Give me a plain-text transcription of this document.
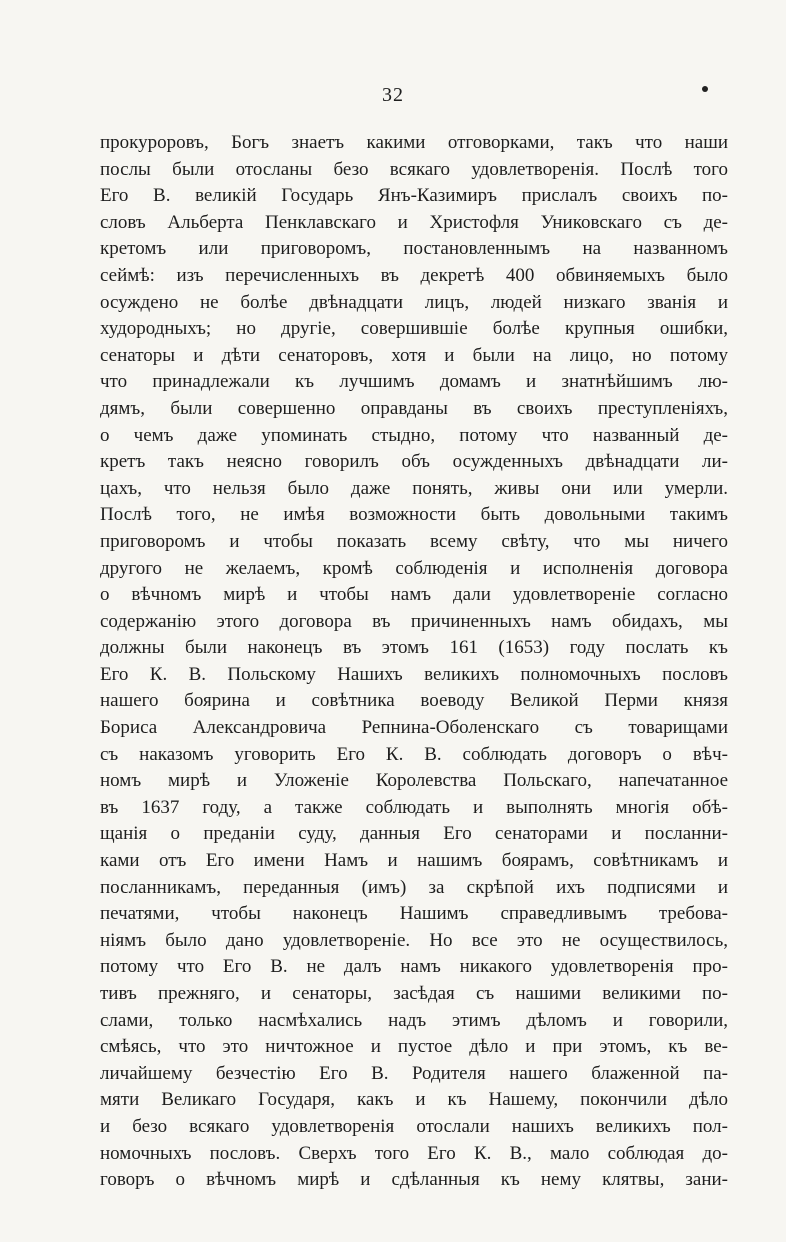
32
прокуроровъ, Богъ знаетъ какими отговорками, такъ что наши
послы были отосланы безо всякаго удовлетворенія. Послѣ того
Его В. великій Государь Янъ-Казимиръ прислалъ своихъ по-
словъ Альберта Пенклавскаго и Христофля Униковскаго съ де-
кретомъ или приговоромъ, постановленнымъ на названномъ
сеймѣ: изъ перечисленныхъ въ декретѣ 400 обвиняемыхъ было
осуждено не болѣе двѣнадцати лицъ, людей низкаго званія и
худородныхъ; но другіе, совершившіе болѣе крупныя ошибки,
сенаторы и дѣти сенаторовъ, хотя и были на лицо, но потому
что принадлежали къ лучшимъ домамъ и знатнѣйшимъ лю-
дямъ, были совершенно оправданы въ своихъ преступленіяхъ,
о чемъ даже упоминать стыдно, потому что названный де-
кретъ такъ неясно говорилъ объ осужденныхъ двѣнадцати ли-
цахъ, что нельзя было даже понять, живы они или умерли.
Послѣ того, не имѣя возможности быть довольными такимъ
приговоромъ и чтобы показать всему свѣту, что мы ничего
другого не желаемъ, кромѣ соблюденія и исполненія договора
о вѣчномъ мирѣ и чтобы намъ дали удовлетвореніе согласно
содержанію этого договора въ причиненныхъ намъ обидахъ, мы
должны были наконецъ въ этомъ 161 (1653) году послать къ
Его К. В. Польскому Нашихъ великихъ полномочныхъ пословъ
нашего боярина и совѣтника воеводу Великой Перми князя
Бориса Александровича Репнина-Оболенскаго съ товарищами
съ наказомъ уговорить Его К. В. соблюдать договоръ о вѣч-
номъ мирѣ и Уложеніе Королевства Польскаго, напечатанное
въ 1637 году, а также соблюдать и выполнять многія обѣ-
щанія о преданіи суду, данныя Его сенаторами и посланни-
ками отъ Его имени Намъ и нашимъ боярамъ, совѣтникамъ и
посланникамъ, переданныя (имъ) за скрѣпой ихъ подписями и
печатями, чтобы наконецъ Нашимъ справедливымъ требова-
ніямъ было дано удовлетвореніе. Но все это не осуществилось,
потому что Его В. не далъ намъ никакого удовлетворенія про-
тивъ прежняго, и сенаторы, засѣдая съ нашими великими по-
слами, только насмѣхались надъ этимъ дѣломъ и говорили,
смѣясь, что это ничтожное и пустое дѣло и при этомъ, къ ве-
личайшему безчестію Его В. Родителя нашего блаженной па-
мяти Великаго Государя, какъ и къ Нашему, покончили дѣло
и безо всякаго удовлетворенія отослали нашихъ великихъ пол-
номочныхъ пословъ. Сверхъ того Его К. В., мало соблюдая до-
говоръ о вѣчномъ мирѣ и сдѣланныя къ нему клятвы, зани-
